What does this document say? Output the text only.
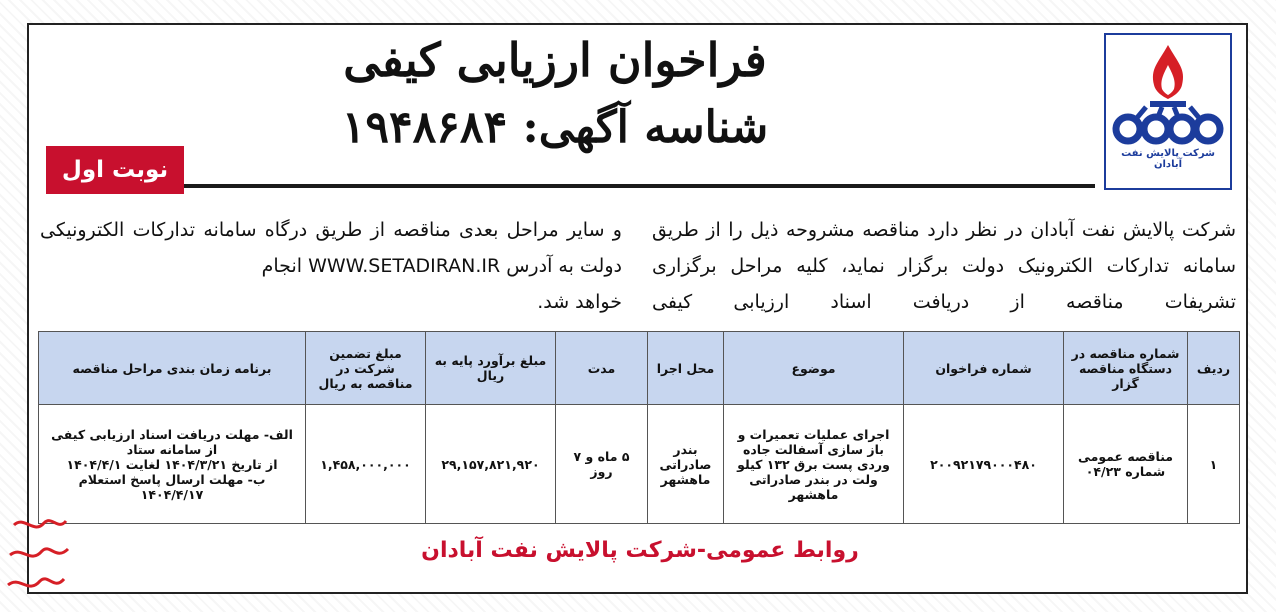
شرکت پالایش نفت آبادان
فراخوان ارزیابی کیفی
شناسه آگهی: ۱۹۴۸۶۸۴
نوبت اول
شرکت پالایش نفت آبادان در نظر دارد مناقصه مشروحه ذیل را از طریق سامانه تدارکات الکترونیک دولت برگزار نماید، کلیه مراحل برگزاری تشریفات مناقصه از دریافت اسناد ارزیابی کیفی
و سایر مراحل بعدی مناقصه از طریق درگاه سامانه تدارکات الکترونیکی دولت به آدرس WWW.SETADIRAN.IR انجام
خواهد شد.
ردیف	شماره مناقصه در دستگاه مناقصه گزار	شماره فراخوان	موضوع	محل اجرا	مدت	مبلغ برآورد پایه به ریال	مبلغ تضمین شرکت در مناقصه به ریال	برنامه زمان بندی مراحل مناقصه
۱	مناقصه عمومی شماره ۰۴/۲۳	۲۰۰۹۲۱۷۹۰۰۰۴۸۰	اجرای عملیات تعمیرات و باز سازی آسفالت جاده وردی پست برق ۱۳۲ کیلو ولت در بندر صادراتی ماهشهر	بندر صادراتی ماهشهر	۵ ماه و ۷ روز	۲۹,۱۵۷,۸۲۱,۹۲۰	۱,۴۵۸,۰۰۰,۰۰۰	الف- مهلت دریافت اسناد ارزیابی کیفی از سامانه ستاد
از تاریخ ۱۴۰۴/۳/۲۱ لغایت ۱۴۰۴/۴/۱
ب- مهلت ارسال پاسخ استعلام
۱۴۰۴/۴/۱۷
روابط عمومی-شرکت پالایش نفت آبادان
